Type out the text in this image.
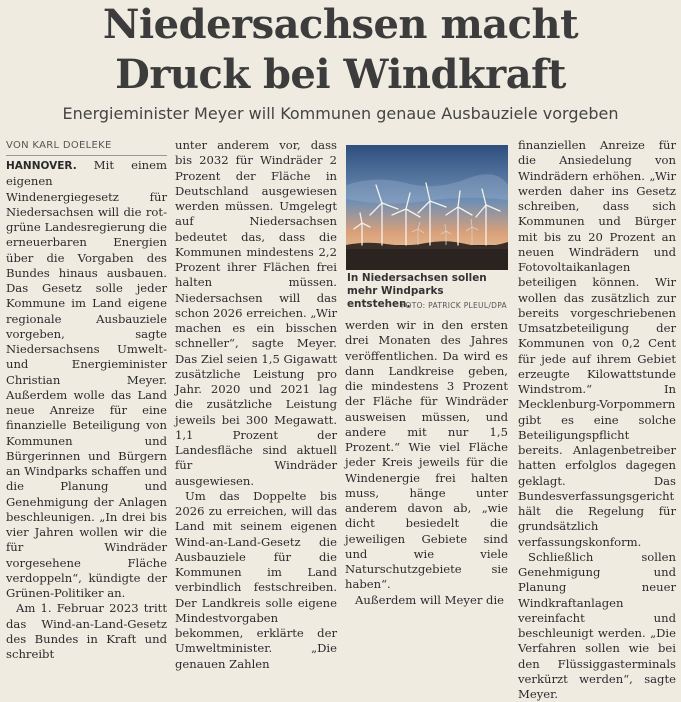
Niedersachsen macht
Druck bei Windkraft

Energieminister Meyer will Kommunen genaue Ausbauziele vorgeben

VON KARL DOELEKE

HANNOVER. Mit einem eigenen Windenergiegesetz für Niedersachsen will die rot-grüne Landesregierung die erneuerbaren Energien über die Vorgaben des Bundes hinaus ausbauen. Das Gesetz solle jeder Kommune im Land eigene regionale Ausbauziele vorgeben, sagte Niedersachsens Umwelt- und Energieminister Christian Meyer. Außerdem wolle das Land neue Anreize für eine finanzielle Beteiligung von Kommunen und Bürgerinnen und Bürgern an Windparks schaffen und die Planung und Genehmigung der Anlagen beschleunigen. „In drei bis vier Jahren wollen wir die für Windräder vorgesehene Fläche verdoppeln“, kündigte der Grünen-Politiker an.

Am 1. Februar 2023 tritt das Wind-an-Land-Gesetz des Bundes in Kraft und schreibt

unter anderem vor, dass bis 2032 für Windräder 2 Prozent der Fläche in Deutschland ausgewiesen werden müssen. Umgelegt auf Niedersachsen bedeutet das, dass die Kommunen mindestens 2,2 Prozent ihrer Flächen frei halten müssen. Niedersachsen will das schon 2026 erreichen. „Wir machen es ein bisschen schneller“, sagte Meyer. Das Ziel seien 1,5 Gigawatt zusätzliche Leistung pro Jahr. 2020 und 2021 lag die zusätzliche Leistung jeweils bei 300 Megawatt. 1,1 Prozent der Landesfläche sind aktuell für Windräder ausgewiesen.

Um das Doppelte bis 2026 zu erreichen, will das Land mit seinem eigenen Wind-an-Land-Gesetz die Ausbauziele für die Kommunen im Land verbindlich festschreiben. Der Landkreis solle eigene Mindestvorgaben bekommen, erklärte der Umweltminister. „Die genauen Zahlen

In Niedersachsen sollen mehr Windparks entstehen.
FOTO: PATRICK PLEUL/DPA

werden wir in den ersten drei Monaten des Jahres veröffentlichen. Da wird es dann Landkreise geben, die mindestens 3 Prozent der Fläche für Windräder ausweisen müssen, und andere mit nur 1,5 Prozent.“ Wie viel Fläche jeder Kreis jeweils für die Windenergie frei halten muss, hänge unter anderem davon ab, „wie dicht besiedelt die jeweiligen Gebiete sind und wie viele Naturschutzgebiete sie haben“.

Außerdem will Meyer die

finanziellen Anreize für die Ansiedelung von Windrädern erhöhen. „Wir werden daher ins Gesetz schreiben, dass sich Kommunen und Bürger mit bis zu 20 Prozent an neuen Windrädern und Fotovoltaikanlagen beteiligen können. Wir wollen das zusätzlich zur bereits vorgeschriebenen Umsatzbeteiligung der Kommunen von 0,2 Cent für jede auf ihrem Gebiet erzeugte Kilowattstunde Windstrom.“ In Mecklenburg-Vorpommern gibt es eine solche Beteiligungspflicht bereits. Anlagenbetreiber hatten erfolglos dagegen geklagt. Das Bundesverfassungsgericht hält die Regelung für grundsätzlich verfassungskonform.

Schließlich sollen Genehmigung und Planung neuer Windkraftanlagen vereinfacht und beschleunigt werden. „Die Verfahren sollen wie bei den Flüssiggasterminals verkürzt werden“, sagte Meyer.
